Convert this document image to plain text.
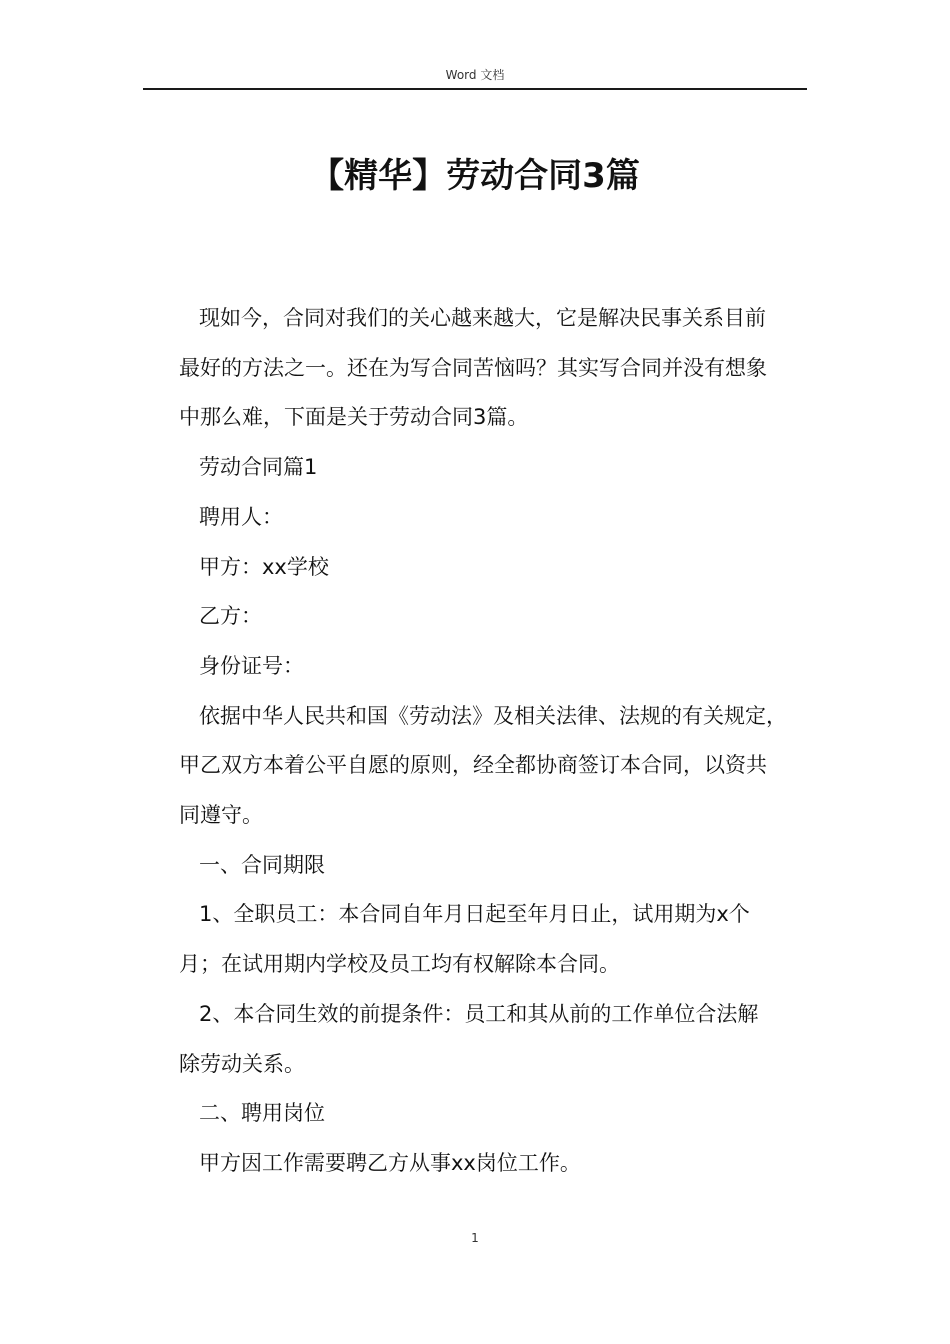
Word 文档
【精华】劳动合同3篇

现如今，合同对我们的关心越来越大，它是解决民事关系目前
最好的方法之一。还在为写合同苦恼吗？其实写合同并没有想象
中那么难，下面是关于劳动合同3篇。

劳动合同篇1

聘用人：

甲方：xx学校

乙方：

身份证号：

依据中华人民共和国《劳动法》及相关法律、法规的有关规定，
甲乙双方本着公平自愿的原则，经全都协商签订本合同，以资共
同遵守。

一、合同期限

1、全职员工：本合同自年月日起至年月日止，试用期为x个
月；在试用期内学校及员工均有权解除本合同。

2、本合同生效的前提条件：员工和其从前的工作单位合法解
除劳动关系。

二、聘用岗位

甲方因工作需要聘乙方从事xx岗位工作。

1
